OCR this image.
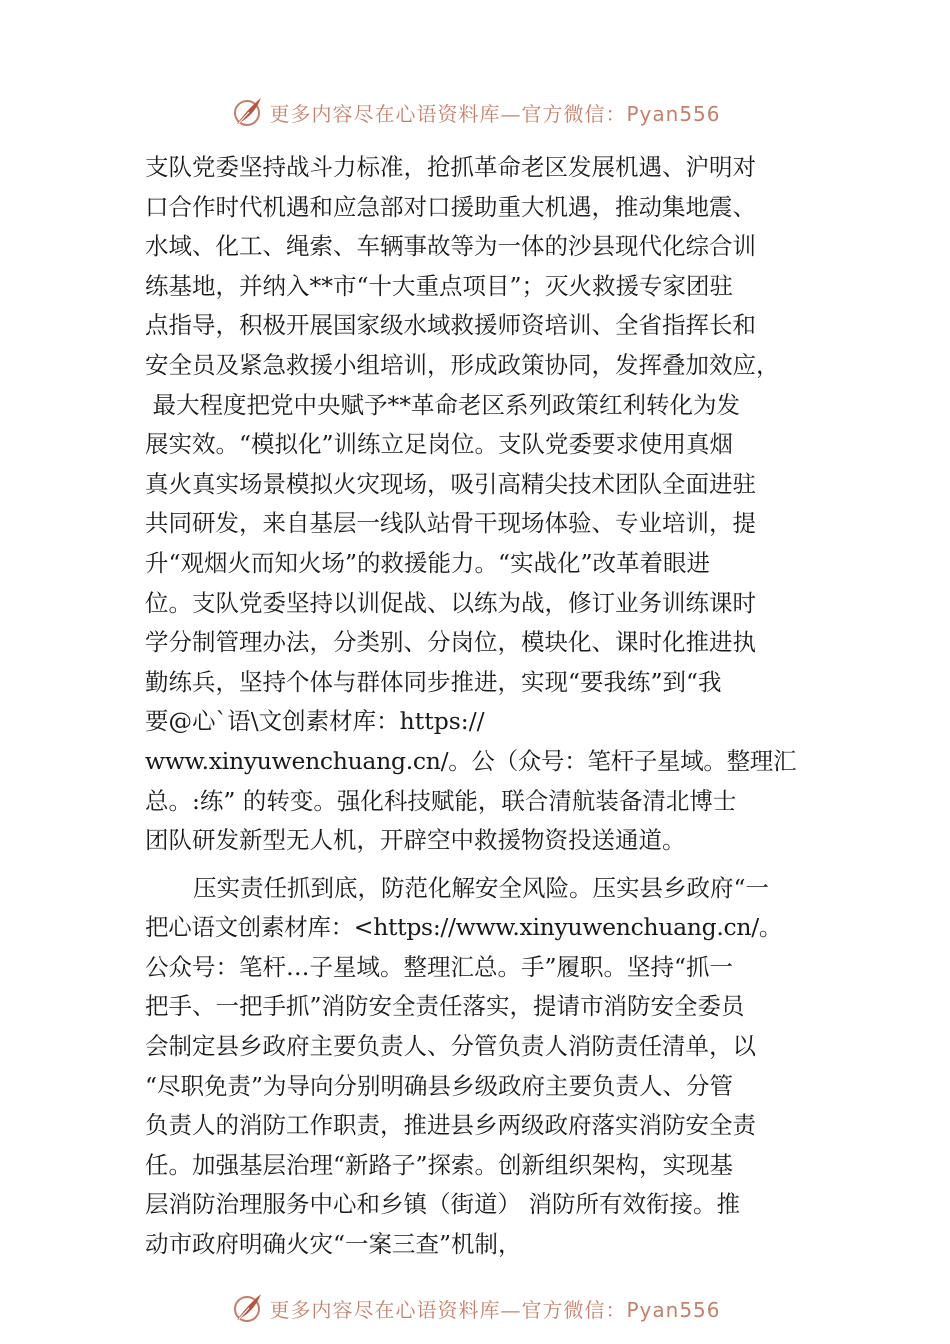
更多内容尽在心语资料库—官方微信：Pyan556
支队党委坚持战斗力标准，抢抓革命老区发展机遇、沪明对
口合作时代机遇和应急部对口援助重大机遇，推动集地震、
水域、化工、绳索、车辆事故等为一体的沙县现代化综合训
练基地，并纳入**市“十大重点项目”；灭火救援专家团驻
点指导，积极开展国家级水域救援师资培训、全省指挥长和
安全员及紧急救援小组培训，形成政策协同，发挥叠加效应，
最大程度把党中央赋予**革命老区系列政策红利转化为发
展实效。“模拟化”训练立足岗位。支队党委要求使用真烟
真火真实场景模拟火灾现场，吸引高精尖技术团队全面进驻
共同研发，来自基层一线队站骨干现场体验、专业培训，提
升“观烟火而知火场”的救援能力。“实战化”改革着眼进
位。支队党委坚持以训促战、以练为战，修订业务训练课时
学分制管理办法，分类别、分岗位，模块化、课时化推进执
勤练兵，坚持个体与群体同步推进，实现“要我练”到“我
要@心`语\文创素材库：https://
www.xinyuwenchuang.cn/。公（众号：笔杆子星域。整理汇
总。:练” 的转变。强化科技赋能，联合清航装备清北博士
团队研发新型无人机，开辟空中救援物资投送通道。
压实责任抓到底，防范化解安全风险。压实县乡政府“一
把心语文创素材库：<https://www.xinyuwenchuang.cn/。
公众号：笔杆…子星域。整理汇总。手”履职。坚持“抓一
把手、一把手抓”消防安全责任落实，提请市消防安全委员
会制定县乡政府主要负责人、分管负责人消防责任清单，以
“尽职免责”为导向分别明确县乡级政府主要负责人、分管
负责人的消防工作职责，推进县乡两级政府落实消防安全责
任。加强基层治理“新路子”探索。创新组织架构，实现基
层消防治理服务中心和乡镇（街道） 消防所有效衔接。推
动市政府明确火灾“一案三查”机制，
更多内容尽在心语资料库—官方微信：Pyan556
